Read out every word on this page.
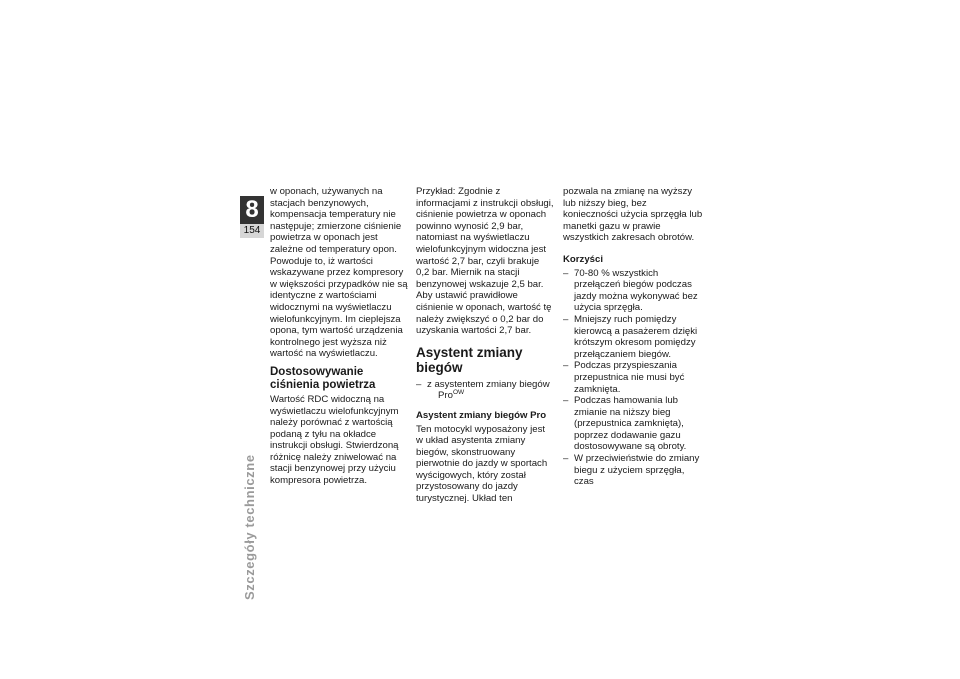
8
154
Szczegóły techniczne

w oponach, używanych na stacjach benzynowych, kompensacja temperatury nie następuje; zmierzone ciśnienie powietrza w oponach jest zależne od temperatury opon. Powoduje to, iż wartości wskazywane przez kompresory w większości przypadków nie są identyczne z wartościami widocznymi na wyświetlaczu wielofunkcyjnym. Im cieplejsza opona, tym wartość urządzenia kontrolnego jest wyższa niż wartość na wyświetlaczu.

Dostosowywanie ciśnienia powietrza

Wartość RDC widoczną na wyświetlaczu wielofunkcyjnym należy porównać z wartością podaną z tyłu na okładce instrukcji obsługi. Stwierdzoną różnicę należy zniwelować na stacji benzynowej przy użyciu kompresora powietrza.

Przykład: Zgodnie z informacjami z instrukcji obsługi, ciśnienie powietrza w oponach powinno wynosić 2,9 bar, natomiast na wyświetlaczu wielofunkcyjnym widoczna jest wartość 2,7 bar, czyli brakuje 0,2 bar. Miernik na stacji benzynowej wskazuje 2,5 bar. Aby ustawić prawidłowe ciśnienie w oponach, wartość tę należy zwiększyć o 0,2 bar do uzyskania wartości 2,7 bar.

Asystent zmiany biegów
– z asystentem zmiany biegów
Pro$^{OW}$
Asystent zmiany biegów Pro

Ten motocykl wyposażony jest w układ asystenta zmiany biegów, skonstruowany pierwotnie do jazdy w sportach wyścigowych, który został przystosowany do jazdy turystycznej. Układ ten

pozwala na zmianę na wyższy lub niższy bieg, bez konieczności użycia sprzęgła lub manetki gazu w prawie wszystkich zakresach obrotów.

Korzyści
– 70-80 % wszystkich przełączeń biegów podczas jazdy można wykonywać bez użycia sprzęgła.
– Mniejszy ruch pomiędzy kierowcą a pasażerem dzięki krótszym okresom pomiędzy przełączaniem biegów.
– Podczas przyspieszania przepustnica nie musi być zamknięta.
– Podczas hamowania lub zmianie na niższy bieg (przepustnica zamknięta), poprzez dodawanie gazu dostosowywane są obroty.
– W przeciwieństwie do zmiany biegu z użyciem sprzęgła, czas
